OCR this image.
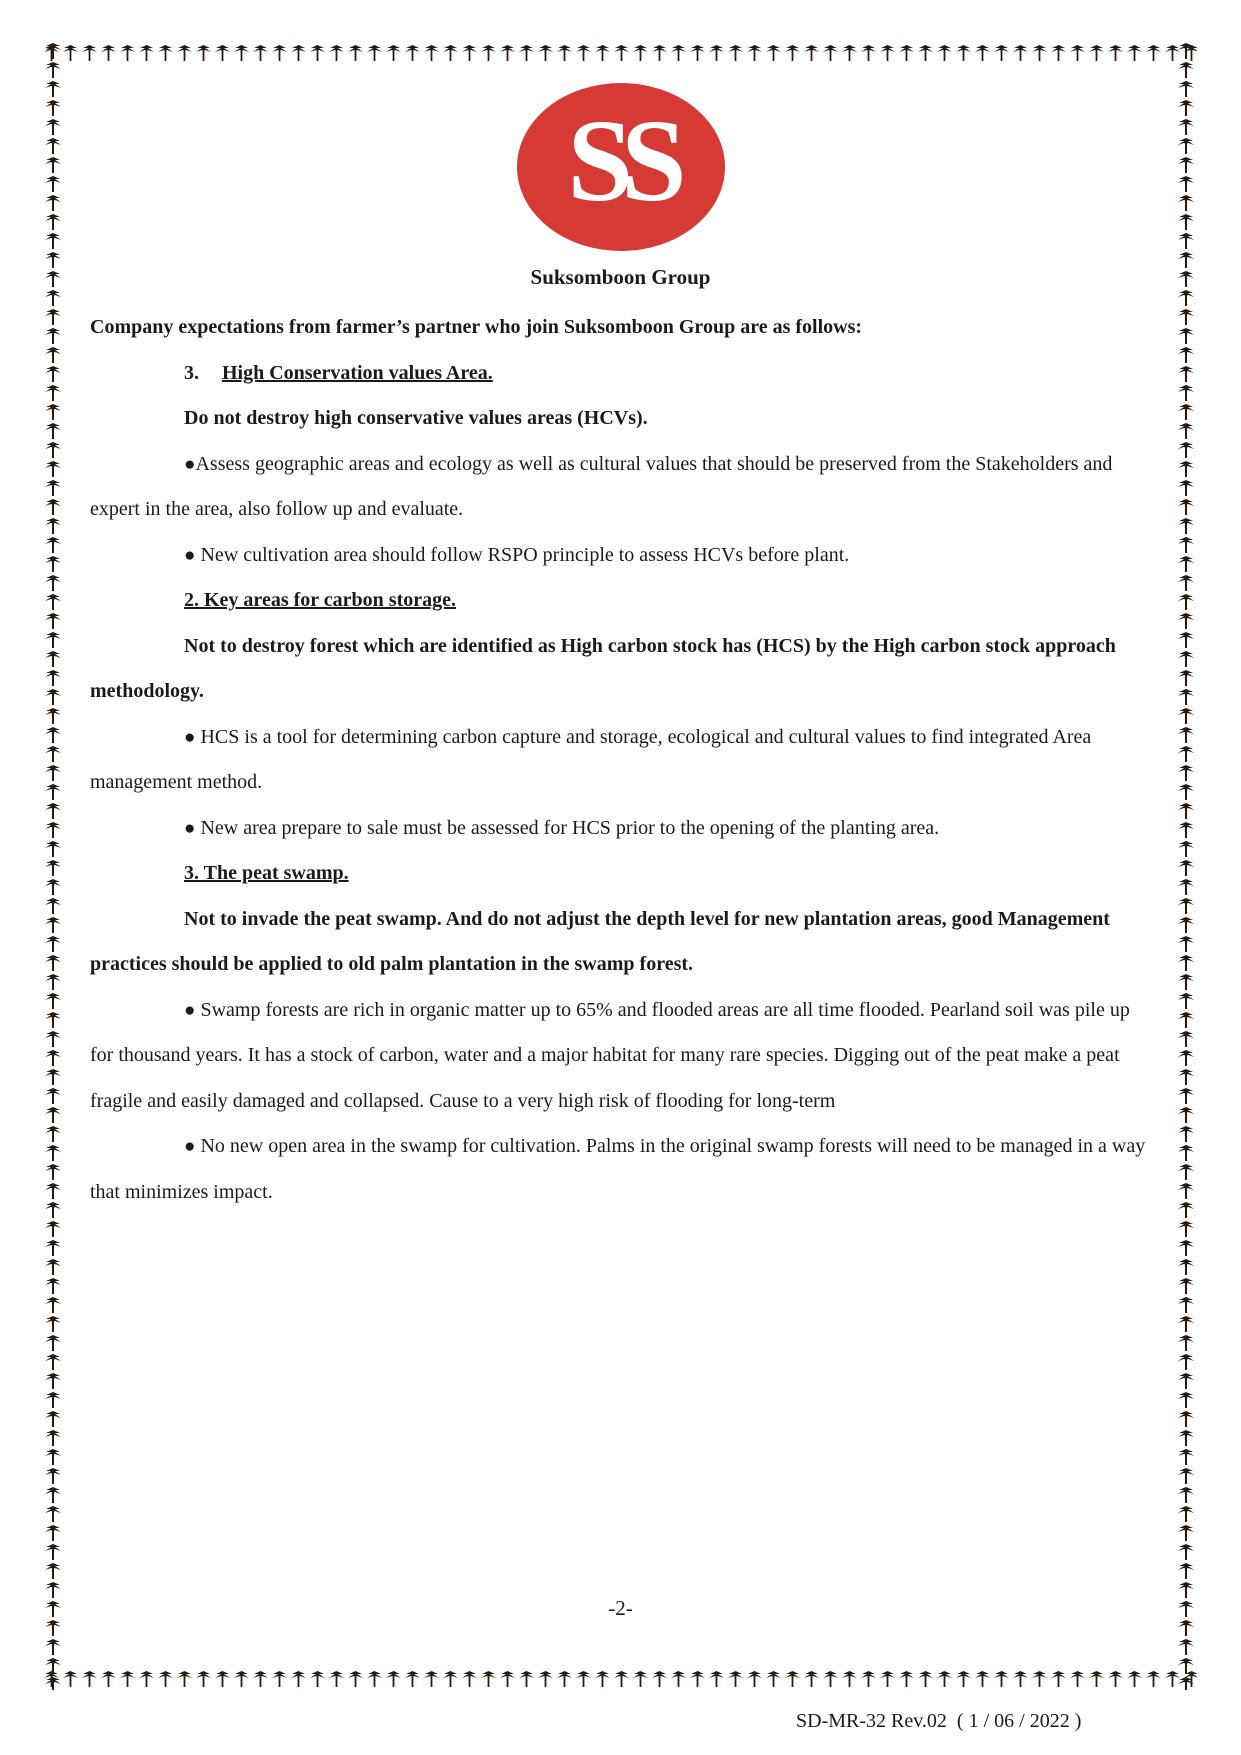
SS
Suksomboon Group

Company expectations from farmer’s partner who join Suksomboon Group are as follows:

3. High Conservation values Area.

Do not destroy high conservative values areas (HCVs).

●Assess geographic areas and ecology as well as cultural values that should be preserved from the Stakeholders and expert in the area, also follow up and evaluate.

● New cultivation area should follow RSPO principle to assess HCVs before plant.

2. Key areas for carbon storage.

Not to destroy forest which are identified as High carbon stock has (HCS) by the High carbon stock approach methodology.

● HCS is a tool for determining carbon capture and storage, ecological and cultural values to find integrated Area management method.

● New area prepare to sale must be assessed for HCS prior to the opening of the planting area.

3. The peat swamp.

Not to invade the peat swamp. And do not adjust the depth level for new plantation areas, good Management practices should be applied to old palm plantation in the swamp forest.

● Swamp forests are rich in organic matter up to 65% and flooded areas are all time flooded. Pearland soil was pile up for thousand years. It has a stock of carbon, water and a major habitat for many rare species. Digging out of the peat make a peat fragile and easily damaged and collapsed. Cause to a very high risk of flooding for long-term

● No new open area in the swamp for cultivation. Palms in the original swamp forests will need to be managed in a way that minimizes impact.

-2-
SD-MR-32 Rev.02  ( 1 / 06 / 2022 )
